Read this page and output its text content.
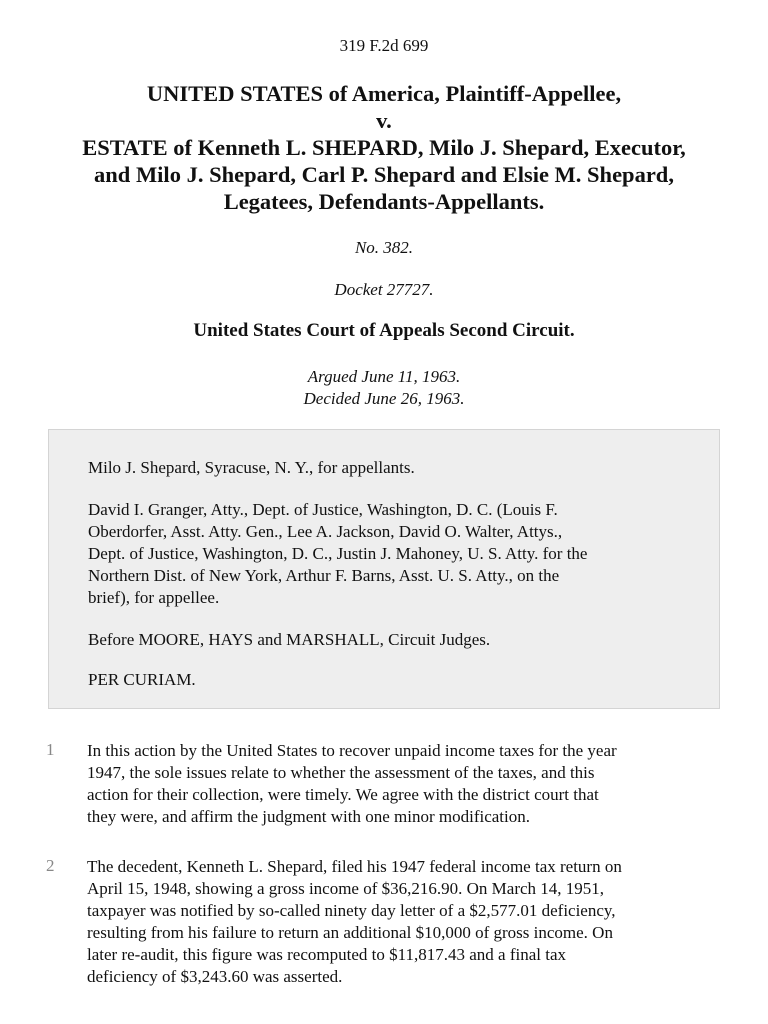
319 F.2d 699
UNITED STATES of America, Plaintiff-Appellee,
v.
ESTATE of Kenneth L. SHEPARD, Milo J. Shepard, Executor,
and Milo J. Shepard, Carl P. Shepard and Elsie M. Shepard,
Legatees, Defendants-Appellants.
No. 382.
Docket 27727.
United States Court of Appeals Second Circuit.
Argued June 11, 1963.
Decided June 26, 1963.
Milo J. Shepard, Syracuse, N. Y., for appellants.
David I. Granger, Atty., Dept. of Justice, Washington, D. C. (Louis F.
Oberdorfer, Asst. Atty. Gen., Lee A. Jackson, David O. Walter, Attys.,
Dept. of Justice, Washington, D. C., Justin J. Mahoney, U. S. Atty. for the
Northern Dist. of New York, Arthur F. Barns, Asst. U. S. Atty., on the
brief), for appellee.
Before MOORE, HAYS and MARSHALL, Circuit Judges.
PER CURIAM.
1 In this action by the United States to recover unpaid income taxes for the year
1947, the sole issues relate to whether the assessment of the taxes, and this
action for their collection, were timely. We agree with the district court that
they were, and affirm the judgment with one minor modification.
2 The decedent, Kenneth L. Shepard, filed his 1947 federal income tax return on
April 15, 1948, showing a gross income of $36,216.90. On March 14, 1951,
taxpayer was notified by so-called ninety day letter of a $2,577.01 deficiency,
resulting from his failure to return an additional $10,000 of gross income. On
later re-audit, this figure was recomputed to $11,817.43 and a final tax
deficiency of $3,243.60 was asserted.
